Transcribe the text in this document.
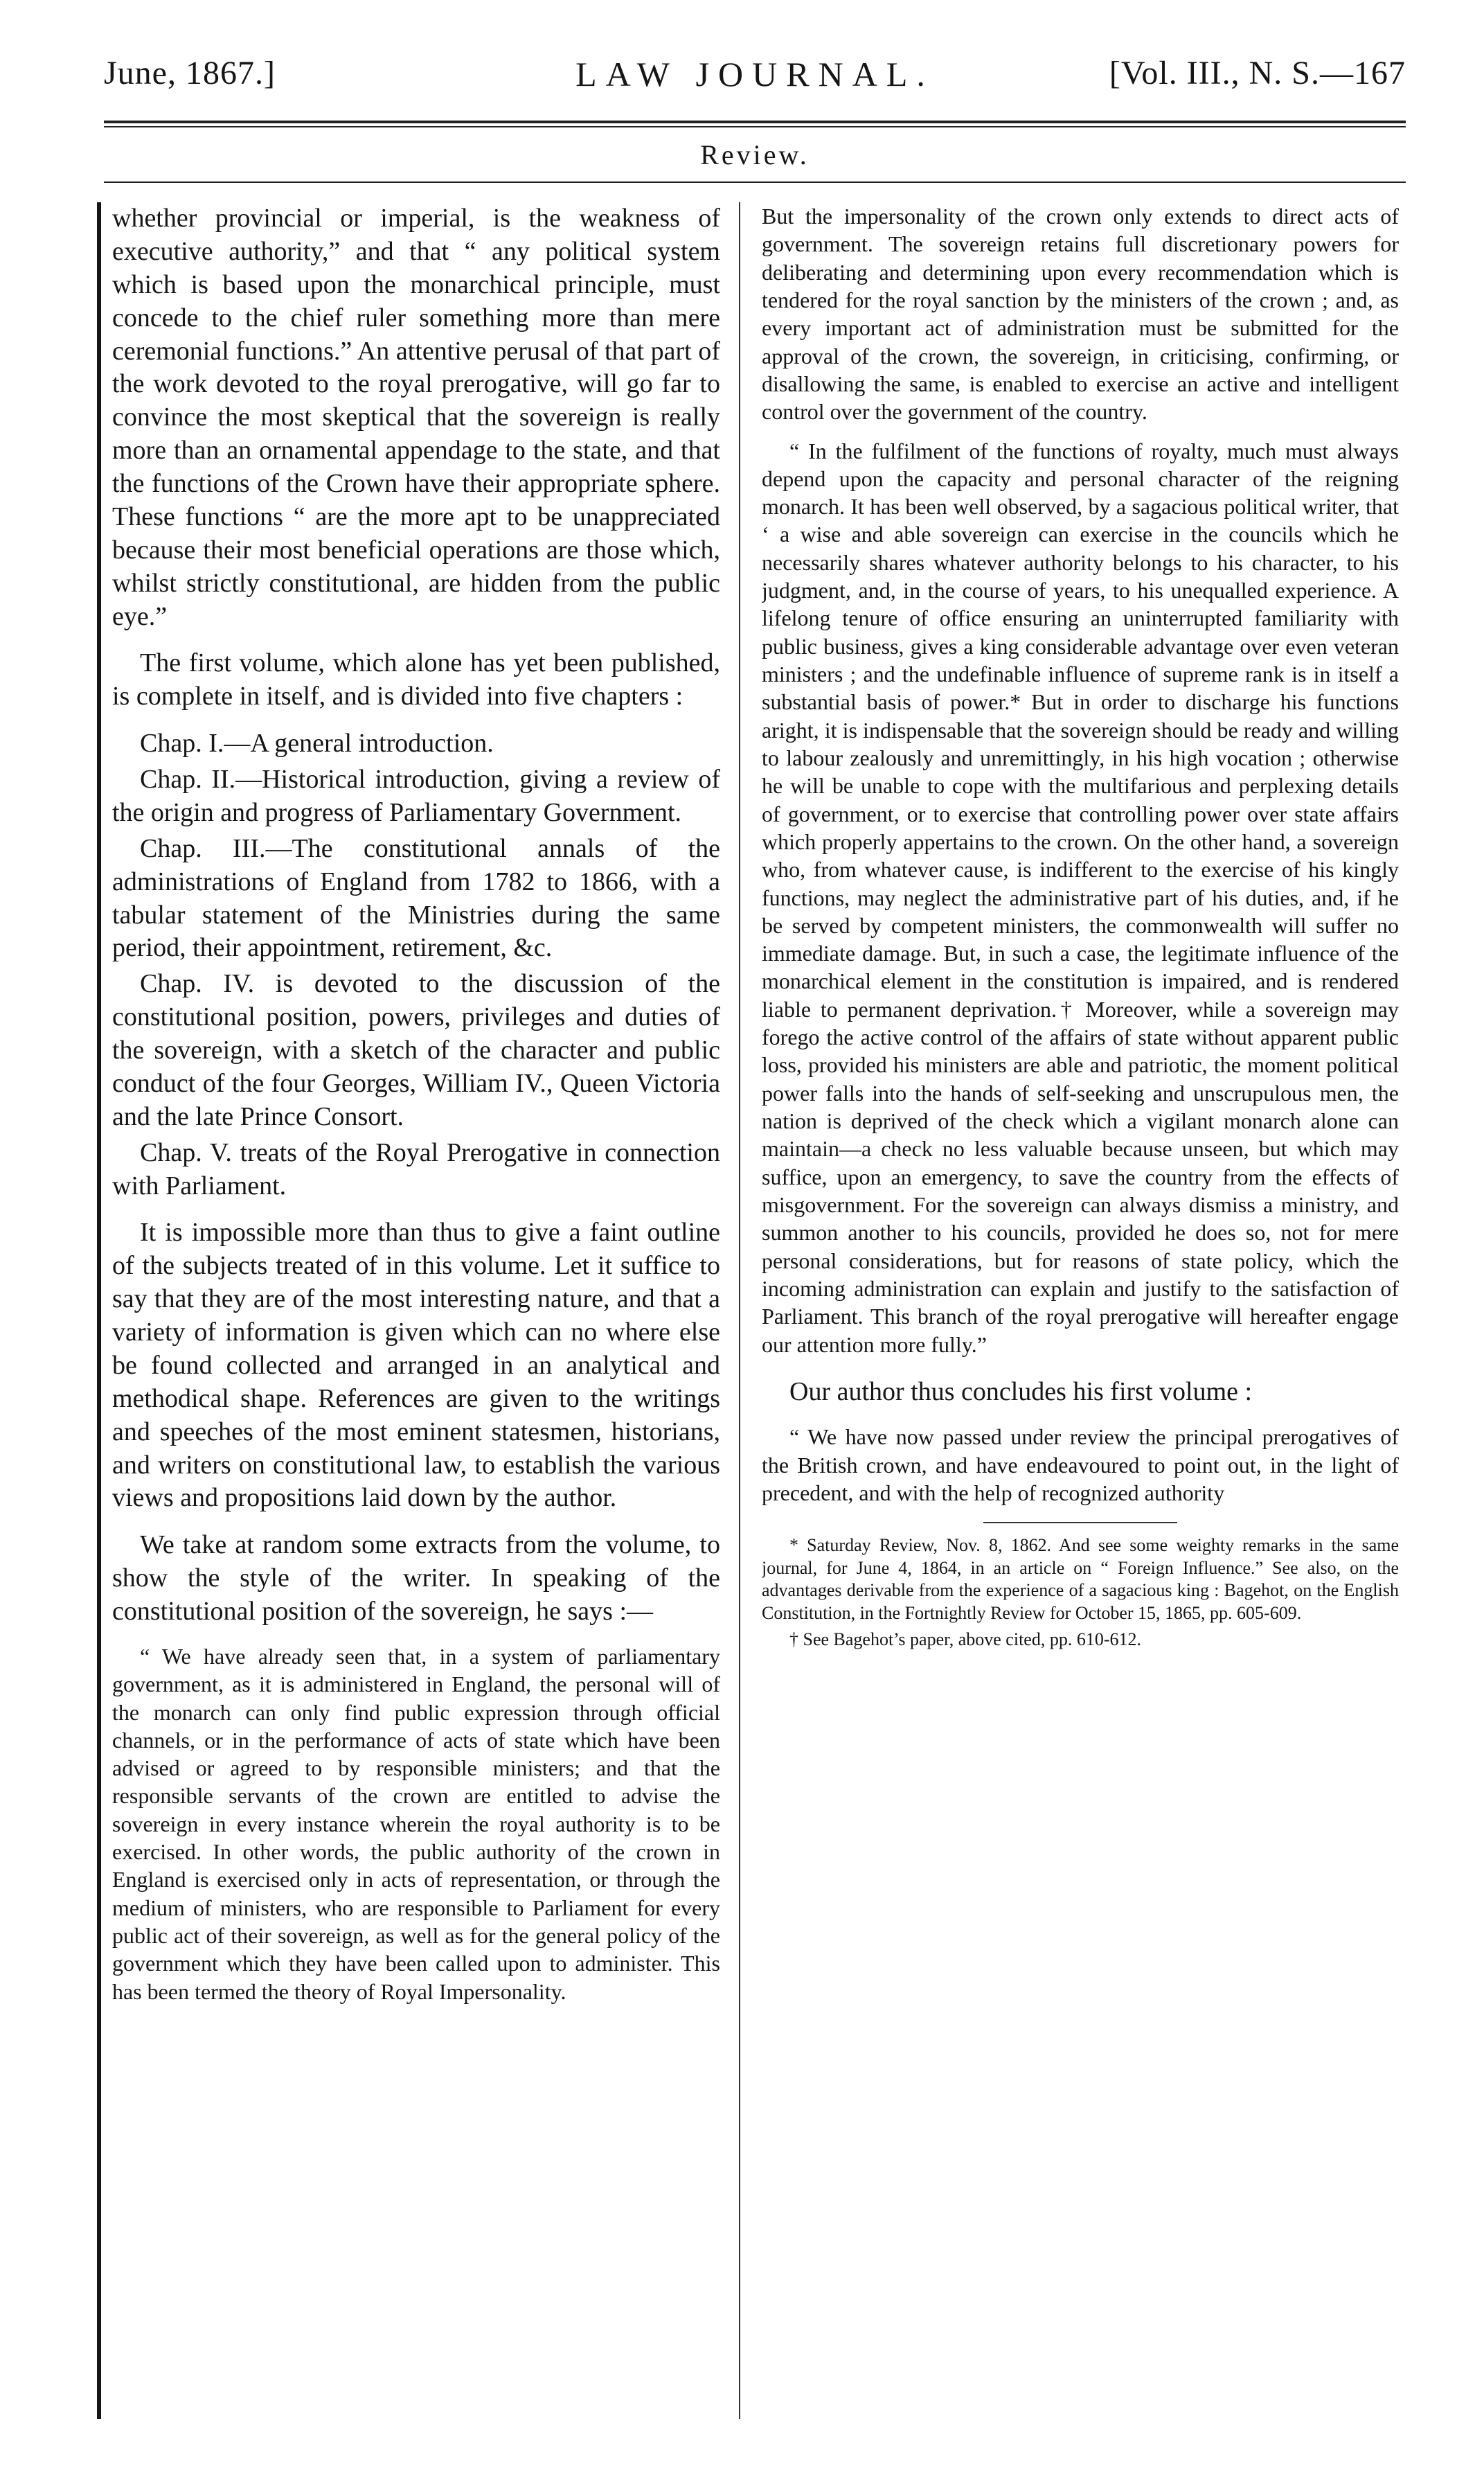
June, 1867.]	LAW JOURNAL.	[Vol. III., N. S.—167
Review.

whether provincial or imperial, is the weakness of executive authority,” and that “ any political system which is based upon the monarchical principle, must concede to the chief ruler something more than mere ceremonial functions.” An attentive perusal of that part of the work devoted to the royal prerogative, will go far to convince the most skeptical that the sovereign is really more than an ornamental appendage to the state, and that the functions of the Crown have their appropriate sphere. These functions “ are the more apt to be unappreciated because their most beneficial operations are those which, whilst strictly constitutional, are hidden from the public eye.”

The first volume, which alone has yet been published, is complete in itself, and is divided into five chapters :

Chap. I.—A general introduction.

Chap. II.—Historical introduction, giving a review of the origin and progress of Parliamentary Government.

Chap. III.—The constitutional annals of the administrations of England from 1782 to 1866, with a tabular statement of the Ministries during the same period, their appointment, retirement, &c.

Chap. IV. is devoted to the discussion of the constitutional position, powers, privileges and duties of the sovereign, with a sketch of the character and public conduct of the four Georges, William IV., Queen Victoria and the late Prince Consort.

Chap. V. treats of the Royal Prerogative in connection with Parliament.

It is impossible more than thus to give a faint outline of the subjects treated of in this volume. Let it suffice to say that they are of the most interesting nature, and that a variety of information is given which can no where else be found collected and arranged in an analytical and methodical shape. References are given to the writings and speeches of the most eminent statesmen, historians, and writers on constitutional law, to establish the various views and propositions laid down by the author.

We take at random some extracts from the volume, to show the style of the writer. In speaking of the constitutional position of the sovereign, he says :—

“ We have already seen that, in a system of parliamentary government, as it is administered in England, the personal will of the monarch can only find public expression through official channels, or in the performance of acts of state which have been advised or agreed to by responsible ministers; and that the responsible servants of the crown are entitled to advise the sovereign in every instance wherein the royal authority is to be exercised. In other words, the public authority of the crown in England is exercised only in acts of representation, or through the medium of ministers, who are responsible to Parliament for every public act of their sovereign, as well as for the general policy of the government which they have been called upon to administer. This has been termed the theory of Royal Impersonality.

But the impersonality of the crown only extends to direct acts of government. The sovereign retains full discretionary powers for deliberating and determining upon every recommendation which is tendered for the royal sanction by the ministers of the crown ; and, as every important act of administration must be submitted for the approval of the crown, the sovereign, in criticising, confirming, or disallowing the same, is enabled to exercise an active and intelligent control over the government of the country.

“ In the fulfilment of the functions of royalty, much must always depend upon the capacity and personal character of the reigning monarch. It has been well observed, by a sagacious political writer, that ‘ a wise and able sovereign can exercise in the councils which he necessarily shares whatever authority belongs to his character, to his judgment, and, in the course of years, to his unequalled experience. A lifelong tenure of office ensuring an uninterrupted familiarity with public business, gives a king considerable advantage over even veteran ministers ; and the undefinable influence of supreme rank is in itself a substantial basis of power.* But in order to discharge his functions aright, it is indispensable that the sovereign should be ready and willing to labour zealously and unremittingly, in his high vocation ; otherwise he will be unable to cope with the multifarious and perplexing details of government, or to exercise that controlling power over state affairs which properly appertains to the crown. On the other hand, a sovereign who, from whatever cause, is indifferent to the exercise of his kingly functions, may neglect the administrative part of his duties, and, if he be served by competent ministers, the commonwealth will suffer no immediate damage. But, in such a case, the legitimate influence of the monarchical element in the constitution is impaired, and is rendered liable to permanent deprivation.† Moreover, while a sovereign may forego the active control of the affairs of state without apparent public loss, provided his ministers are able and patriotic, the moment political power falls into the hands of self-seeking and unscrupulous men, the nation is deprived of the check which a vigilant monarch alone can maintain—a check no less valuable because unseen, but which may suffice, upon an emergency, to save the country from the effects of misgovernment. For the sovereign can always dismiss a ministry, and summon another to his councils, provided he does so, not for mere personal considerations, but for reasons of state policy, which the incoming administration can explain and justify to the satisfaction of Parliament. This branch of the royal prerogative will hereafter engage our attention more fully.”

Our author thus concludes his first volume :

“ We have now passed under review the principal prerogatives of the British crown, and have endeavoured to point out, in the light of precedent, and with the help of recognized authority

* Saturday Review, Nov. 8, 1862. And see some weighty remarks in the same journal, for June 4, 1864, in an article on “ Foreign Influence.” See also, on the advantages derivable from the experience of a sagacious king : Bagehot, on the English Constitution, in the Fortnightly Review for October 15, 1865, pp. 605-609.

† See Bagehot’s paper, above cited, pp. 610-612.
